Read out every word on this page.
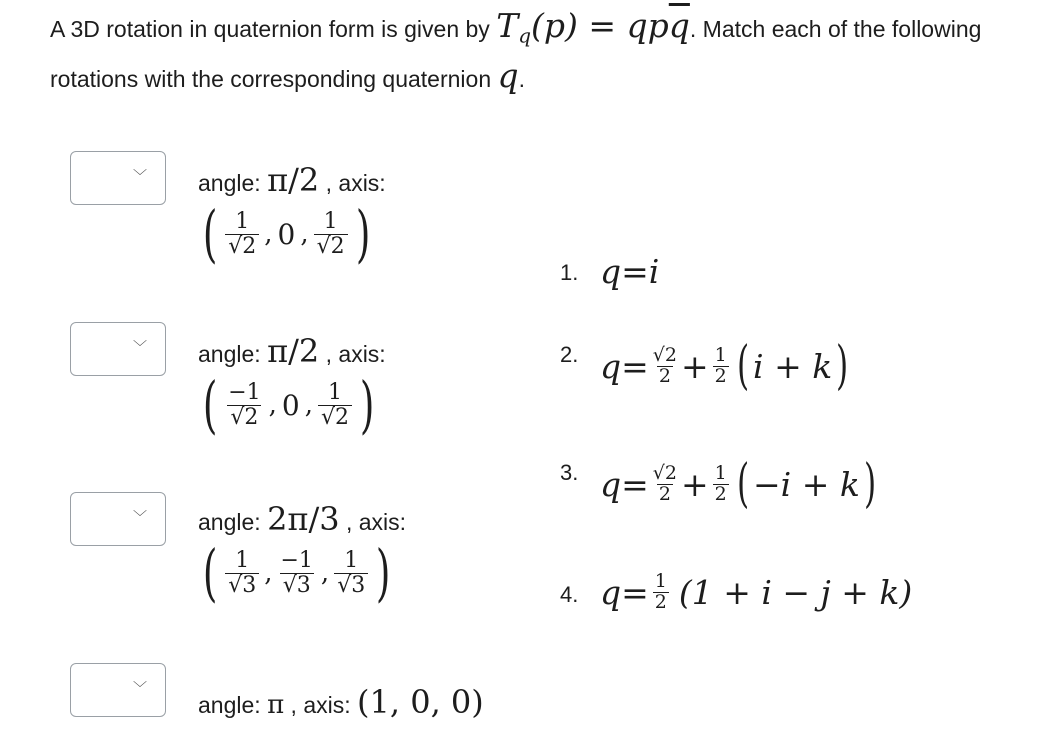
A 3D rotation in quaternion form is given by $T_q(p) = qp\overline{q}$. Match each of the following rotations with the corresponding quaternion q.
﹀ angle: π/2 , axis:
( $\frac{1}{√2}$ , 0 , $\frac{1}{√2}$ )
﹀ angle: π/2 , axis:
( $\frac{-1}{√2}$ , 0 , $\frac{1}{√2}$ )
﹀ angle: 2π/3 , axis:
( $\frac{1}{√3}$ , $\frac{-1}{√3}$ , $\frac{1}{√3}$ )
﹀
angle: π , axis: (1, 0, 0)
1. q = i
2. $q = \frac{√2}{2} + \frac{1}{2}$ ( i + k )
3. $q = \frac{√2}{2} + \frac{1}{2}$ ( −i + k )
4. $q = \frac{1}{2} (1 + i - j + k)$
